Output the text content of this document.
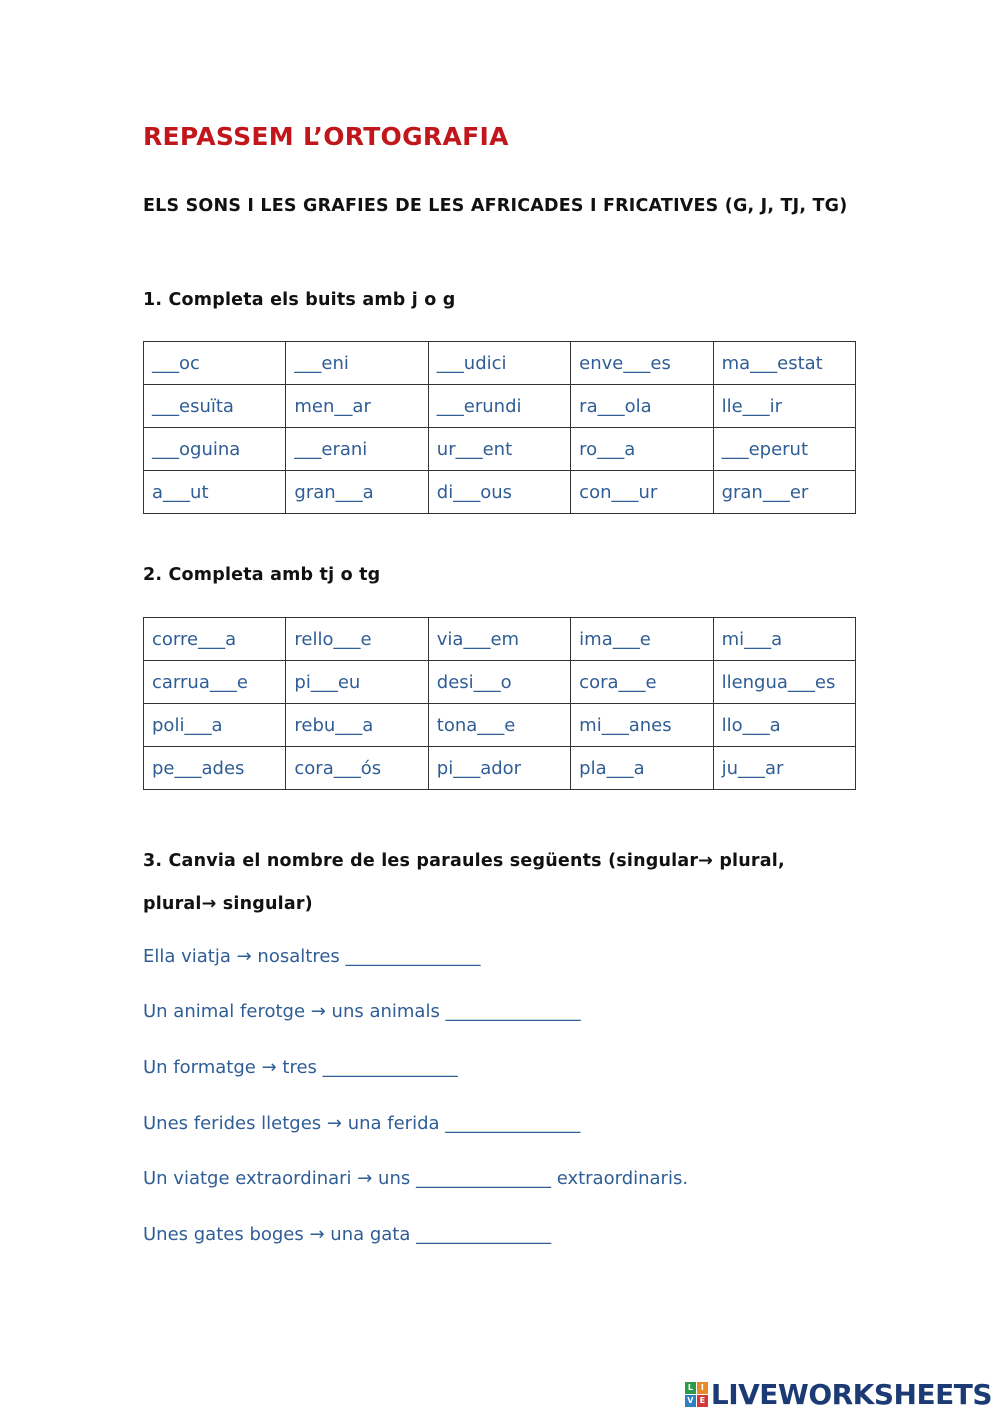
REPASSEM L’ORTOGRAFIA

ELS SONS I LES GRAFIES DE LES AFRICADES I FRICATIVES (G, J, TJ, TG)

1. Completa els buits amb j o g

___oc	___eni	___udici	enve___es	ma___estat
___esuïta	men__ar	___erundi	ra___ola	lle___ir
___oguina	___erani	ur___ent	ro___a	___eperut
a___ut	gran___a	di___ous	con___ur	gran___er

2. Completa amb tj o tg

corre___a	rello___e	via___em	ima___e	mi___a
carrua___e	pi___eu	desi___o	cora___e	llengua___es
poli___a	rebu___a	tona___e	mi___anes	llo___a
pe___ades	cora___ós	pi___ador	pla___a	ju___ar

3. Canvia el nombre de les paraules següents (singular→ plural, plural→ singular)

Ella viatja → nosaltres _______________

Un animal ferotge → uns animals _______________

Un formatge → tres _______________

Unes ferides lletges → una ferida _______________

Un viatge extraordinari → uns _______________ extraordinaris.

Unes gates boges → una gata _______________

L I
V E LIVEWORKSHEETS
